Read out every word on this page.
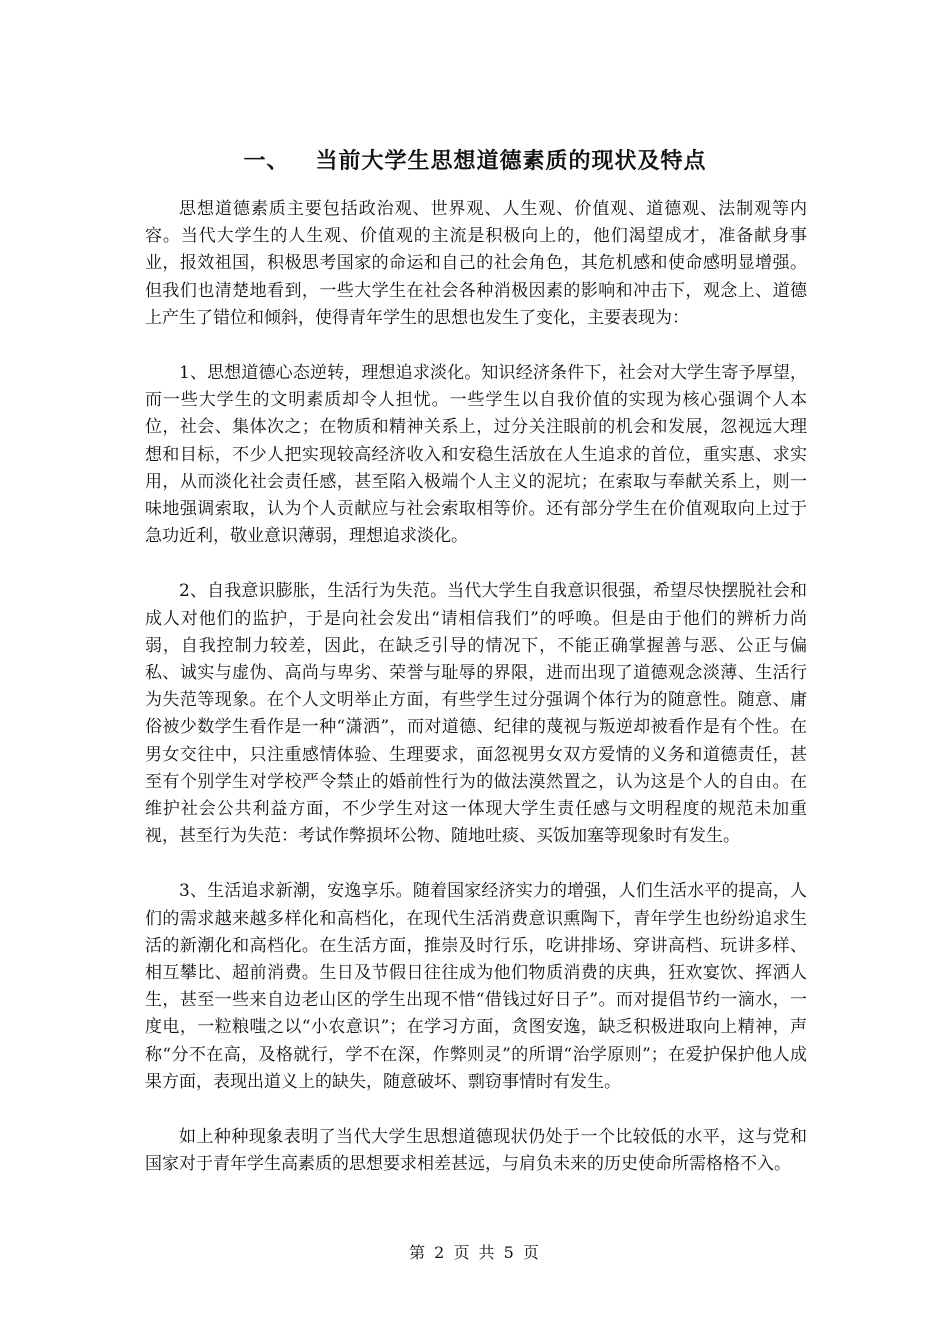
一、 当前大学生思想道德素质的现状及特点

思想道德素质主要包括政治观、世界观、人生观、价值观、道德观、法制观等内容。当代大学生的人生观、价值观的主流是积极向上的，他们渴望成才，准备献身事业，报效祖国，积极思考国家的命运和自己的社会角色，其危机感和使命感明显增强。但我们也清楚地看到，一些大学生在社会各种消极因素的影响和冲击下，观念上、道德上产生了错位和倾斜，使得青年学生的思想也发生了变化，主要表现为：

1、思想道德心态逆转，理想追求淡化。知识经济条件下，社会对大学生寄予厚望，而一些大学生的文明素质却令人担忧。一些学生以自我价值的实现为核心强调个人本位，社会、集体次之；在物质和精神关系上，过分关注眼前的机会和发展，忽视远大理想和目标，不少人把实现较高经济收入和安稳生活放在人生追求的首位，重实惠、求实用，从而淡化社会责任感，甚至陷入极端个人主义的泥坑；在索取与奉献关系上，则一味地强调索取，认为个人贡献应与社会索取相等价。还有部分学生在价值观取向上过于急功近利，敬业意识薄弱，理想追求淡化。

2、自我意识膨胀，生活行为失范。当代大学生自我意识很强，希望尽快摆脱社会和成人对他们的监护，于是向社会发出“请相信我们”的呼唤。但是由于他们的辨析力尚弱，自我控制力较差，因此，在缺乏引导的情况下，不能正确掌握善与恶、公正与偏私、诚实与虚伪、高尚与卑劣、荣誉与耻辱的界限，进而出现了道德观念淡薄、生活行为失范等现象。在个人文明举止方面，有些学生过分强调个体行为的随意性。随意、庸俗被少数学生看作是一种“潇洒”，而对道德、纪律的蔑视与叛逆却被看作是有个性。在男女交往中，只注重感情体验、生理要求，面忽视男女双方爱情的义务和道德责任，甚至有个别学生对学校严令禁止的婚前性行为的做法漠然置之，认为这是个人的自由。在维护社会公共利益方面，不少学生对这一体现大学生责任感与文明程度的规范未加重视，甚至行为失范：考试作弊损坏公物、随地吐痰、买饭加塞等现象时有发生。

3、生活追求新潮，安逸享乐。随着国家经济实力的增强，人们生活水平的提高，人们的需求越来越多样化和高档化，在现代生活消费意识熏陶下，青年学生也纷纷追求生活的新潮化和高档化。在生活方面，推崇及时行乐，吃讲排场、穿讲高档、玩讲多样、相互攀比、超前消费。生日及节假日往往成为他们物质消费的庆典，狂欢宴饮、挥洒人生，甚至一些来自边老山区的学生出现不惜“借钱过好日子”。而对提倡节约一滴水，一度电，一粒粮嗤之以“小农意识”；在学习方面，贪图安逸，缺乏积极进取向上精神，声称“分不在高，及格就行，学不在深，作弊则灵”的所谓“治学原则”；在爱护保护他人成果方面，表现出道义上的缺失，随意破坏、剽窃事情时有发生。

如上种种现象表明了当代大学生思想道德现状仍处于一个比较低的水平，这与党和国家对于青年学生高素质的思想要求相差甚远，与肩负未来的历史使命所需格格不入。

第 2 页 共 5 页
